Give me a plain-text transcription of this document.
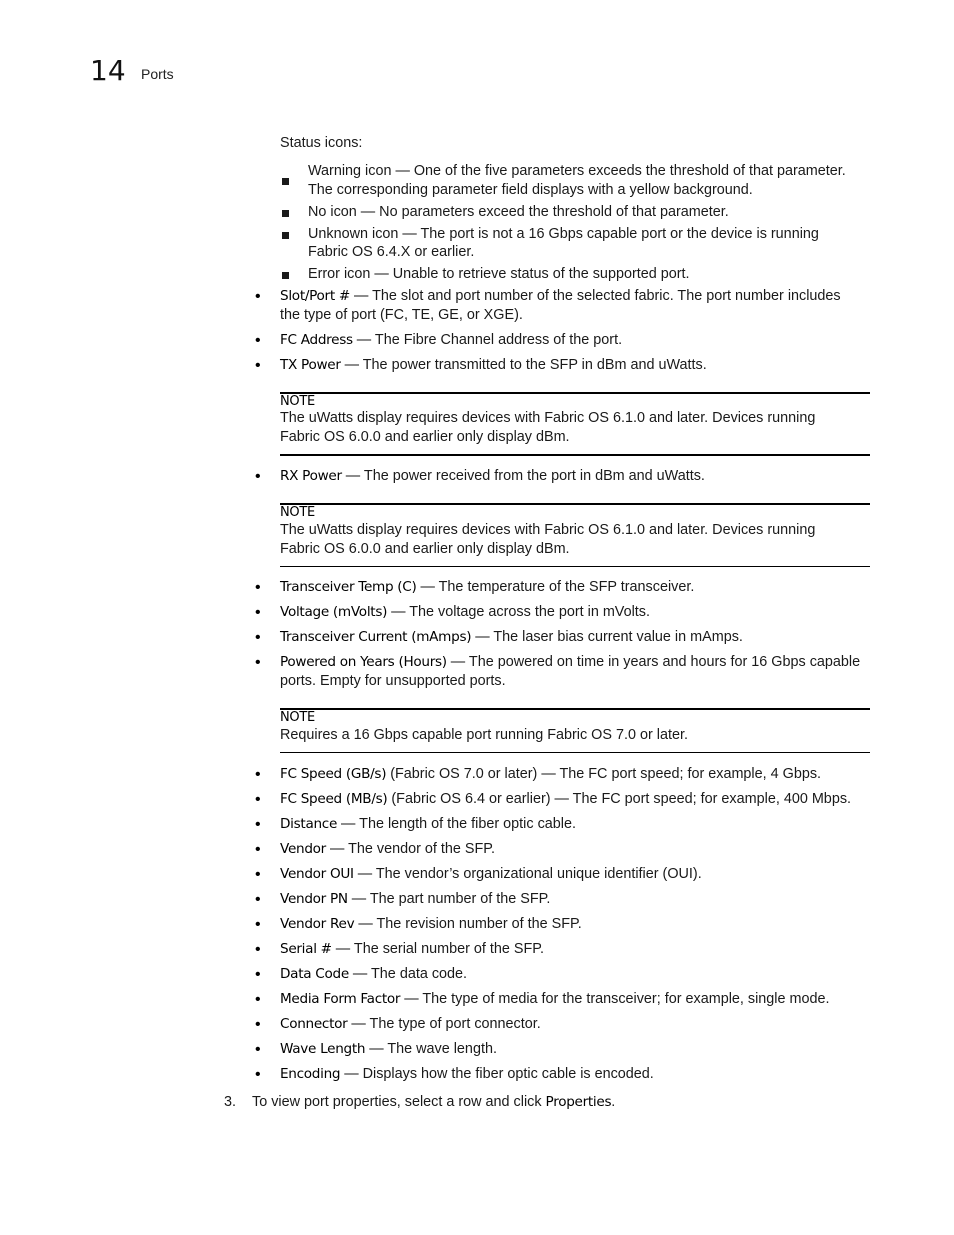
14 Ports
Status icons:
Warning icon — One of the five parameters exceeds the threshold of that parameter.
The corresponding parameter field displays with a yellow background.
No icon — No parameters exceed the threshold of that parameter.
Unknown icon — The port is not a 16 Gbps capable port or the device is running
Fabric OS 6.4.X or earlier.
Error icon — Unable to retrieve status of the supported port.
• Slot/Port # — The slot and port number of the selected fabric. The port number includes
the type of port (FC, TE, GE, or XGE).
• FC Address — The Fibre Channel address of the port.
• TX Power — The power transmitted to the SFP in dBm and uWatts.
NOTE
The uWatts display requires devices with Fabric OS 6.1.0 and later. Devices running
Fabric OS 6.0.0 and earlier only display dBm.
• RX Power — The power received from the port in dBm and uWatts.
NOTE
The uWatts display requires devices with Fabric OS 6.1.0 and later. Devices running
Fabric OS 6.0.0 and earlier only display dBm.
• Transceiver Temp (C) — The temperature of the SFP transceiver.
• Voltage (mVolts) — The voltage across the port in mVolts.
• Transceiver Current (mAmps) — The laser bias current value in mAmps.
• Powered on Years (Hours) — The powered on time in years and hours for 16 Gbps capable
ports. Empty for unsupported ports.
NOTE
Requires a 16 Gbps capable port running Fabric OS 7.0 or later.
• FC Speed (GB/s) (Fabric OS 7.0 or later) — The FC port speed; for example, 4 Gbps.
• FC Speed (MB/s) (Fabric OS 6.4 or earlier) — The FC port speed; for example, 400 Mbps.
• Distance — The length of the fiber optic cable.
• Vendor — The vendor of the SFP.
• Vendor OUI — The vendor’s organizational unique identifier (OUI).
• Vendor PN — The part number of the SFP.
• Vendor Rev — The revision number of the SFP.
• Serial # — The serial number of the SFP.
• Data Code — The data code.
• Media Form Factor — The type of media for the transceiver; for example, single mode.
• Connector — The type of port connector.
• Wave Length — The wave length.
• Encoding — Displays how the fiber optic cable is encoded.
3. To view port properties, select a row and click Properties.
